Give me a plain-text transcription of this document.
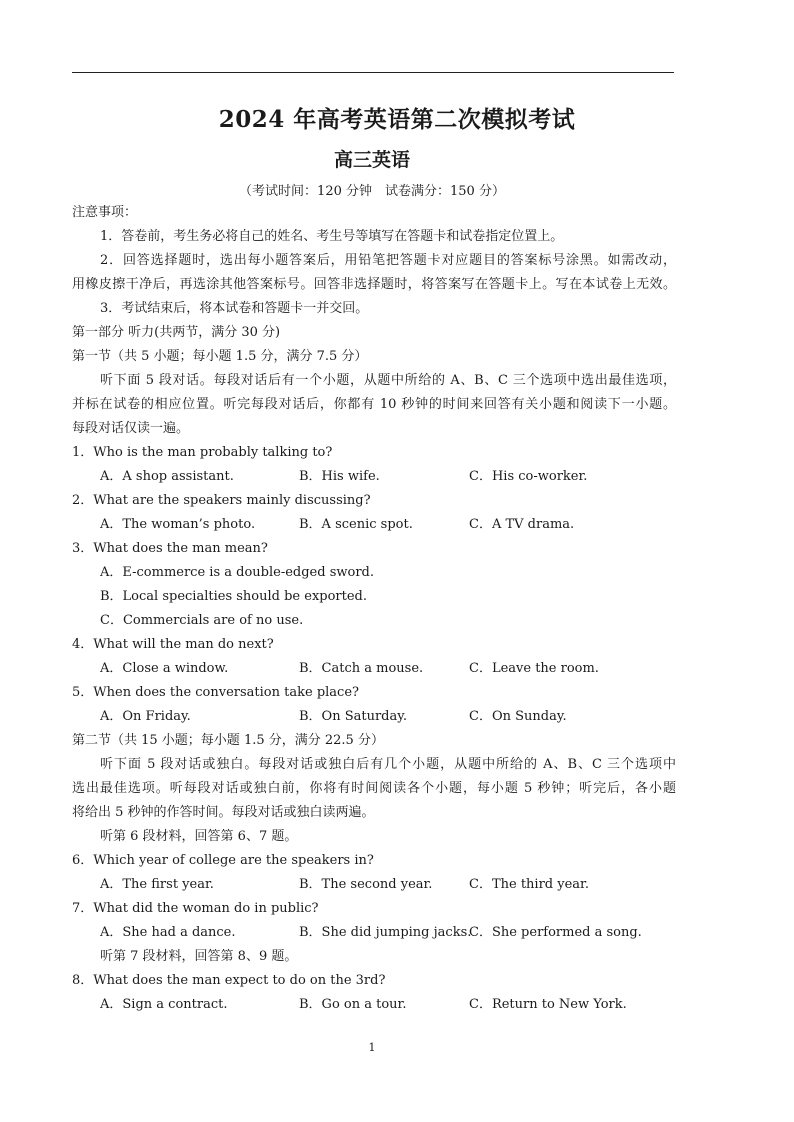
2024 年高考英语第二次模拟考试
高三英语
（考试时间：120 分钟　试卷满分：150 分）
注意事项：
1．答卷前，考生务必将自己的姓名、考生号等填写在答题卡和试卷指定位置上。
2．回答选择题时，选出每小题答案后，用铅笔把答题卡对应题目的答案标号涂黑。如需改动，
用橡皮擦干净后，再选涂其他答案标号。回答非选择题时，将答案写在答题卡上。写在本试卷上无效。
3．考试结束后，将本试卷和答题卡一并交回。
第一部分 听力(共两节，满分 30 分)
第一节（共 5 小题；每小题 1.5 分，满分 7.5 分）
听下面 5 段对话。每段对话后有一个小题，从题中所给的 A、B、C 三个选项中选出最佳选项，
并标在试卷的相应位置。听完每段对话后，你都有 10 秒钟的时间来回答有关小题和阅读下一小题。
每段对话仅读一遍。
1．Who is the man probably talking to?
A．A shop assistant.	B．His wife.	C．His co-worker.
2．What are the speakers mainly discussing?
A．The woman’s photo.	B．A scenic spot.	C．A TV drama.
3．What does the man mean?
A．E-commerce is a double-edged sword.
B．Local specialties should be exported.
C．Commercials are of no use.
4．What will the man do next?
A．Close a window.	B．Catch a mouse.	C．Leave the room.
5．When does the conversation take place?
A．On Friday.	B．On Saturday.	C．On Sunday.
第二节（共 15 小题；每小题 1.5 分，满分 22.5 分）
听下面 5 段对话或独白。每段对话或独白后有几个小题，从题中所给的 A、B、C 三个选项中
选出最佳选项。听每段对话或独白前，你将有时间阅读各个小题，每小题 5 秒钟；听完后，各小题
将给出 5 秒钟的作答时间。每段对话或独白读两遍。
听第 6 段材料，回答第 6、7 题。
6．Which year of college are the speakers in?
A．The first year.	B．The second year.	C．The third year.
7．What did the woman do in public?
A．She had a dance.	B．She did jumping jacks.
C．She performed a song.
听第 7 段材料，回答第 8、9 题。
8．What does the man expect to do on the 3rd?
A．Sign a contract.	B．Go on a tour.	C．Return to New York.
1
